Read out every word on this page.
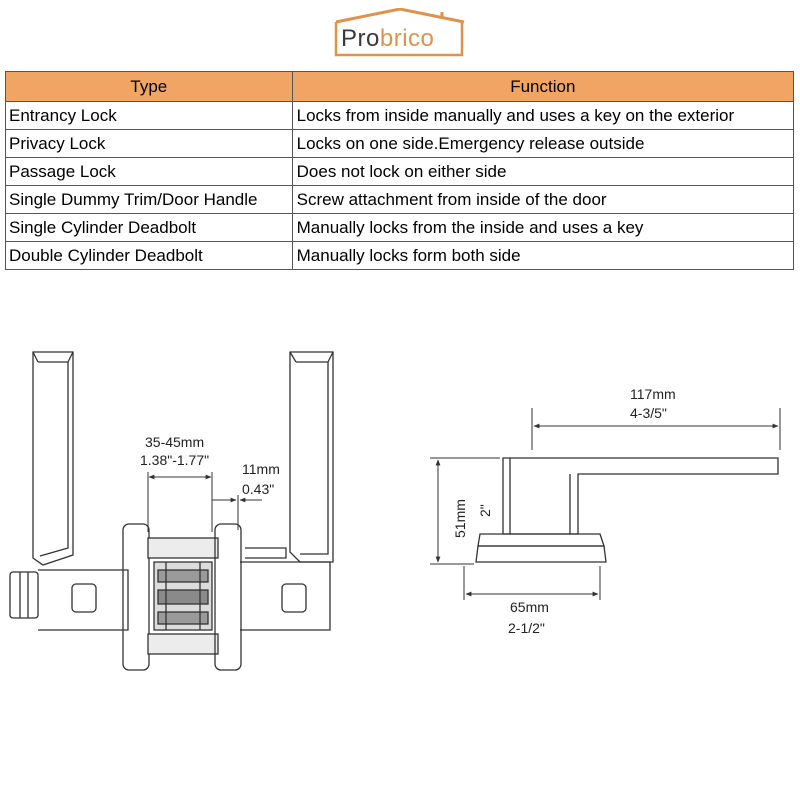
Probrico
Type	Function
Entrancy Lock	Locks from inside manually and uses a key on the exterior
Privacy Lock	Locks on one side.Emergency release outside
Passage Lock	Does not lock on either side
Single Dummy Trim/Door Handle	Screw attachment from inside of the door
Single Cylinder Deadbolt	Manually locks from the inside and uses a key
Double Cylinder Deadbolt	Manually locks form both side
35-45mm
1.38"-1.77"
11mm
0.43"
117mm
4-3/5"
51mm 2"
65mm
2-1/2"
